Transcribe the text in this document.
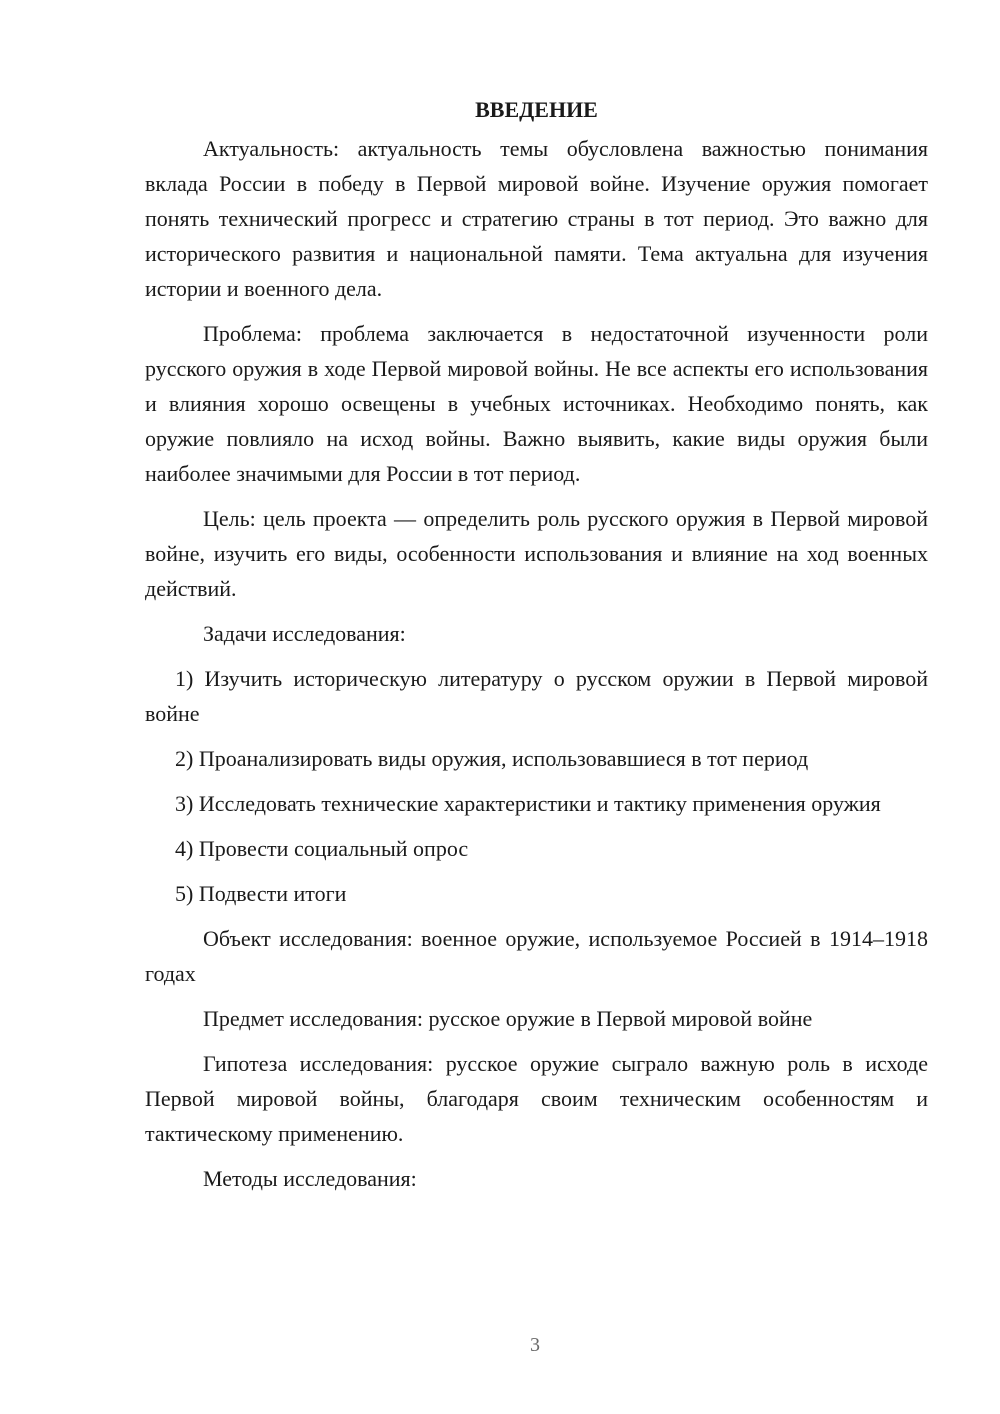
ВВЕДЕНИЕ

Актуальность: актуальность темы обусловлена важностью понимания вклада России в победу в Первой мировой войне. Изучение оружия помогает понять технический прогресс и стратегию страны в тот период. Это важно для исторического развития и национальной памяти. Тема актуальна для изучения истории и военного дела.

Проблема: проблема заключается в недостаточной изученности роли русского оружия в ходе Первой мировой войны. Не все аспекты его использования и влияния хорошо освещены в учебных источниках. Необходимо понять, как оружие повлияло на исход войны. Важно выявить, какие виды оружия были наиболее значимыми для России в тот период.

Цель: цель проекта — определить роль русского оружия в Первой мировой войне, изучить его виды, особенности использования и влияние на ход военных действий.

Задачи исследования:

1) Изучить историческую литературу о русском оружии в Первой мировой войне

2) Проанализировать виды оружия, использовавшиеся в тот период

3) Исследовать технические характеристики и тактику применения оружия

4) Провести социальный опрос

5) Подвести итоги

Объект исследования: военное оружие, используемое Россией в 1914–1918 годах

Предмет исследования: русское оружие в Первой мировой войне

Гипотеза исследования: русское оружие сыграло важную роль в исходе Первой мировой войны, благодаря своим техническим особенностям и тактическому применению.

Методы исследования:

3
